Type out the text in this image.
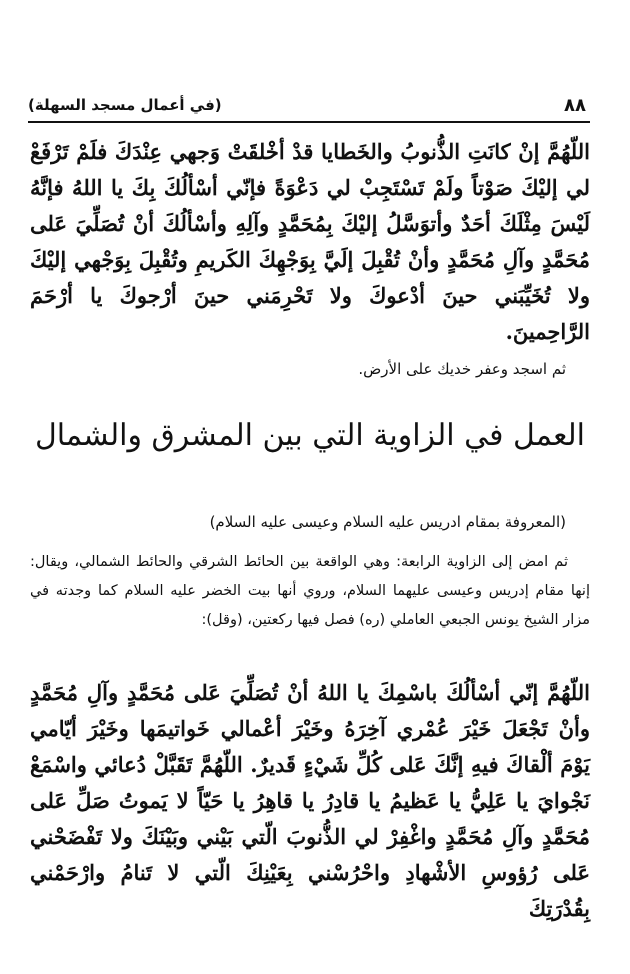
٨٨
(في أعمال مسجد السهلة)
اللّهُمَّ إنْ كانَتِ الذُّنوبُ والخَطايا قدْ أخْلقَتْ وَجهي عِنْدَكَ فلَمْ تَرْفَعْ لي إليْكَ صَوْتاً ولَمْ تَسْتَجِبْ لي دَعْوَةً فإنّي أسْألُكَ بِكَ يا اللهُ فإنَّهُ لَيْسَ مِثْلَكَ أحَدٌ وأتوَسَّلُ إليْكَ بِمُحَمَّدٍ وآلِهِ وأسْألُكَ أنْ تُصَلِّيَ عَلى مُحَمَّدٍ وآلِ مُحَمَّدٍ وأنْ تُقْبِلَ إلَيَّ بِوَجْهِكَ الكَريمِ وتُقْبِلَ بِوَجْهي إليْكَ ولا تُخَيِّبَني حينَ أدْعوكَ ولا تَحْرِمَني حينَ أرْجوكَ يا أرْحَمَ الرَّاحِمينَ.
ثم اسجد وعفر خديك على الأرض.
العمل في الزاوية التي بين المشرق والشمال
(المعروفة بمقام ادريس عليه السلام وعيسى عليه السلام)
ثم امض إلى الزاوية الرابعة: وهي الواقعة بين الحائط الشرقي والحائط الشمالي، ويقال: إنها مقام إدريس وعيسى عليهما السلام، وروي أنها بيت الخضر عليه السلام كما وجدته في مزار الشيخ يونس الجبعي العاملي (ره) فصل فيها ركعتين، (وقل):
اللّهُمَّ إنّي أسْألُكَ باسْمِكَ يا اللهُ أنْ تُصَلِّيَ عَلى مُحَمَّدٍ وآلِ مُحَمَّدٍ وأنْ تَجْعَلَ خَيْرَ عُمْري آخِرَهُ وخَيْرَ أعْمالي خَواتيمَها وخَيْرَ أيّامي يَوْمَ ألْقاكَ فيهِ إنَّكَ عَلى كُلِّ شَيْءٍ قَديرٌ. اللّهُمَّ تَقَبَّلْ دُعائي واسْمَعْ نَجْوايَ يا عَلِيُّ يا عَظيمُ يا قادِرُ يا قاهِرُ يا حَيّاً لا يَموتُ صَلِّ عَلى مُحَمَّدٍ وآلِ مُحَمَّدٍ واغْفِرْ لي الذُّنوبَ الّتي بَيْني وبَيْنَكَ ولا تَفْضَحْني عَلى رُؤوسِ الأشْهادِ واحْرُسْني بِعَيْنِكَ الّتي لا تَنامُ وارْحَمْني بِقُدْرَتِكَ
